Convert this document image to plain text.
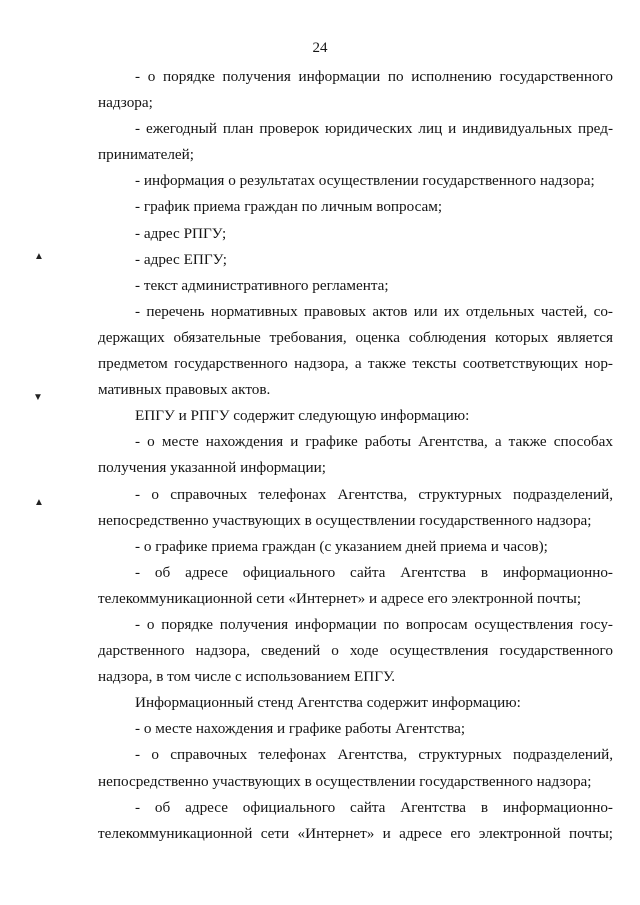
24
▲
▼
▲

- о порядке получения информации по исполнению государственного
надзора;

- ежегодный план проверок юридических лиц и индивидуальных пред-
принимателей;

- информация о результатах осуществлении государственного надзора;

- график приема граждан по личным вопросам;

- адрес РПГУ;

- адрес ЕПГУ;

- текст административного регламента;

- перечень нормативных правовых актов или их отдельных частей, со-
держащих обязательные требования, оценка соблюдения которых является
предметом государственного надзора, а также тексты соответствующих нор-
мативных правовых актов.

ЕПГУ и РПГУ содержит следующую информацию:

- о месте нахождения и графике работы Агентства, а также способах
получения указанной информации;

- о справочных телефонах Агентства, структурных подразделений,
непосредственно участвующих в осуществлении государственного надзора;

- о графике приема граждан (с указанием дней приема и часов);

- об адресе официального сайта Агентства в информационно-
телекоммуникационной сети «Интернет» и адресе его электронной почты;

- о порядке получения информации по вопросам осуществления госу-
дарственного надзора, сведений о ходе осуществления государственного
надзора, в том числе с использованием ЕПГУ.

Информационный стенд Агентства содержит информацию:

- о месте нахождения и графике работы Агентства;

- о справочных телефонах Агентства, структурных подразделений,
непосредственно участвующих в осуществлении государственного надзора;

- об адресе официального сайта Агентства в информационно-
телекоммуникационной сети «Интернет» и адресе его электронной почты;
